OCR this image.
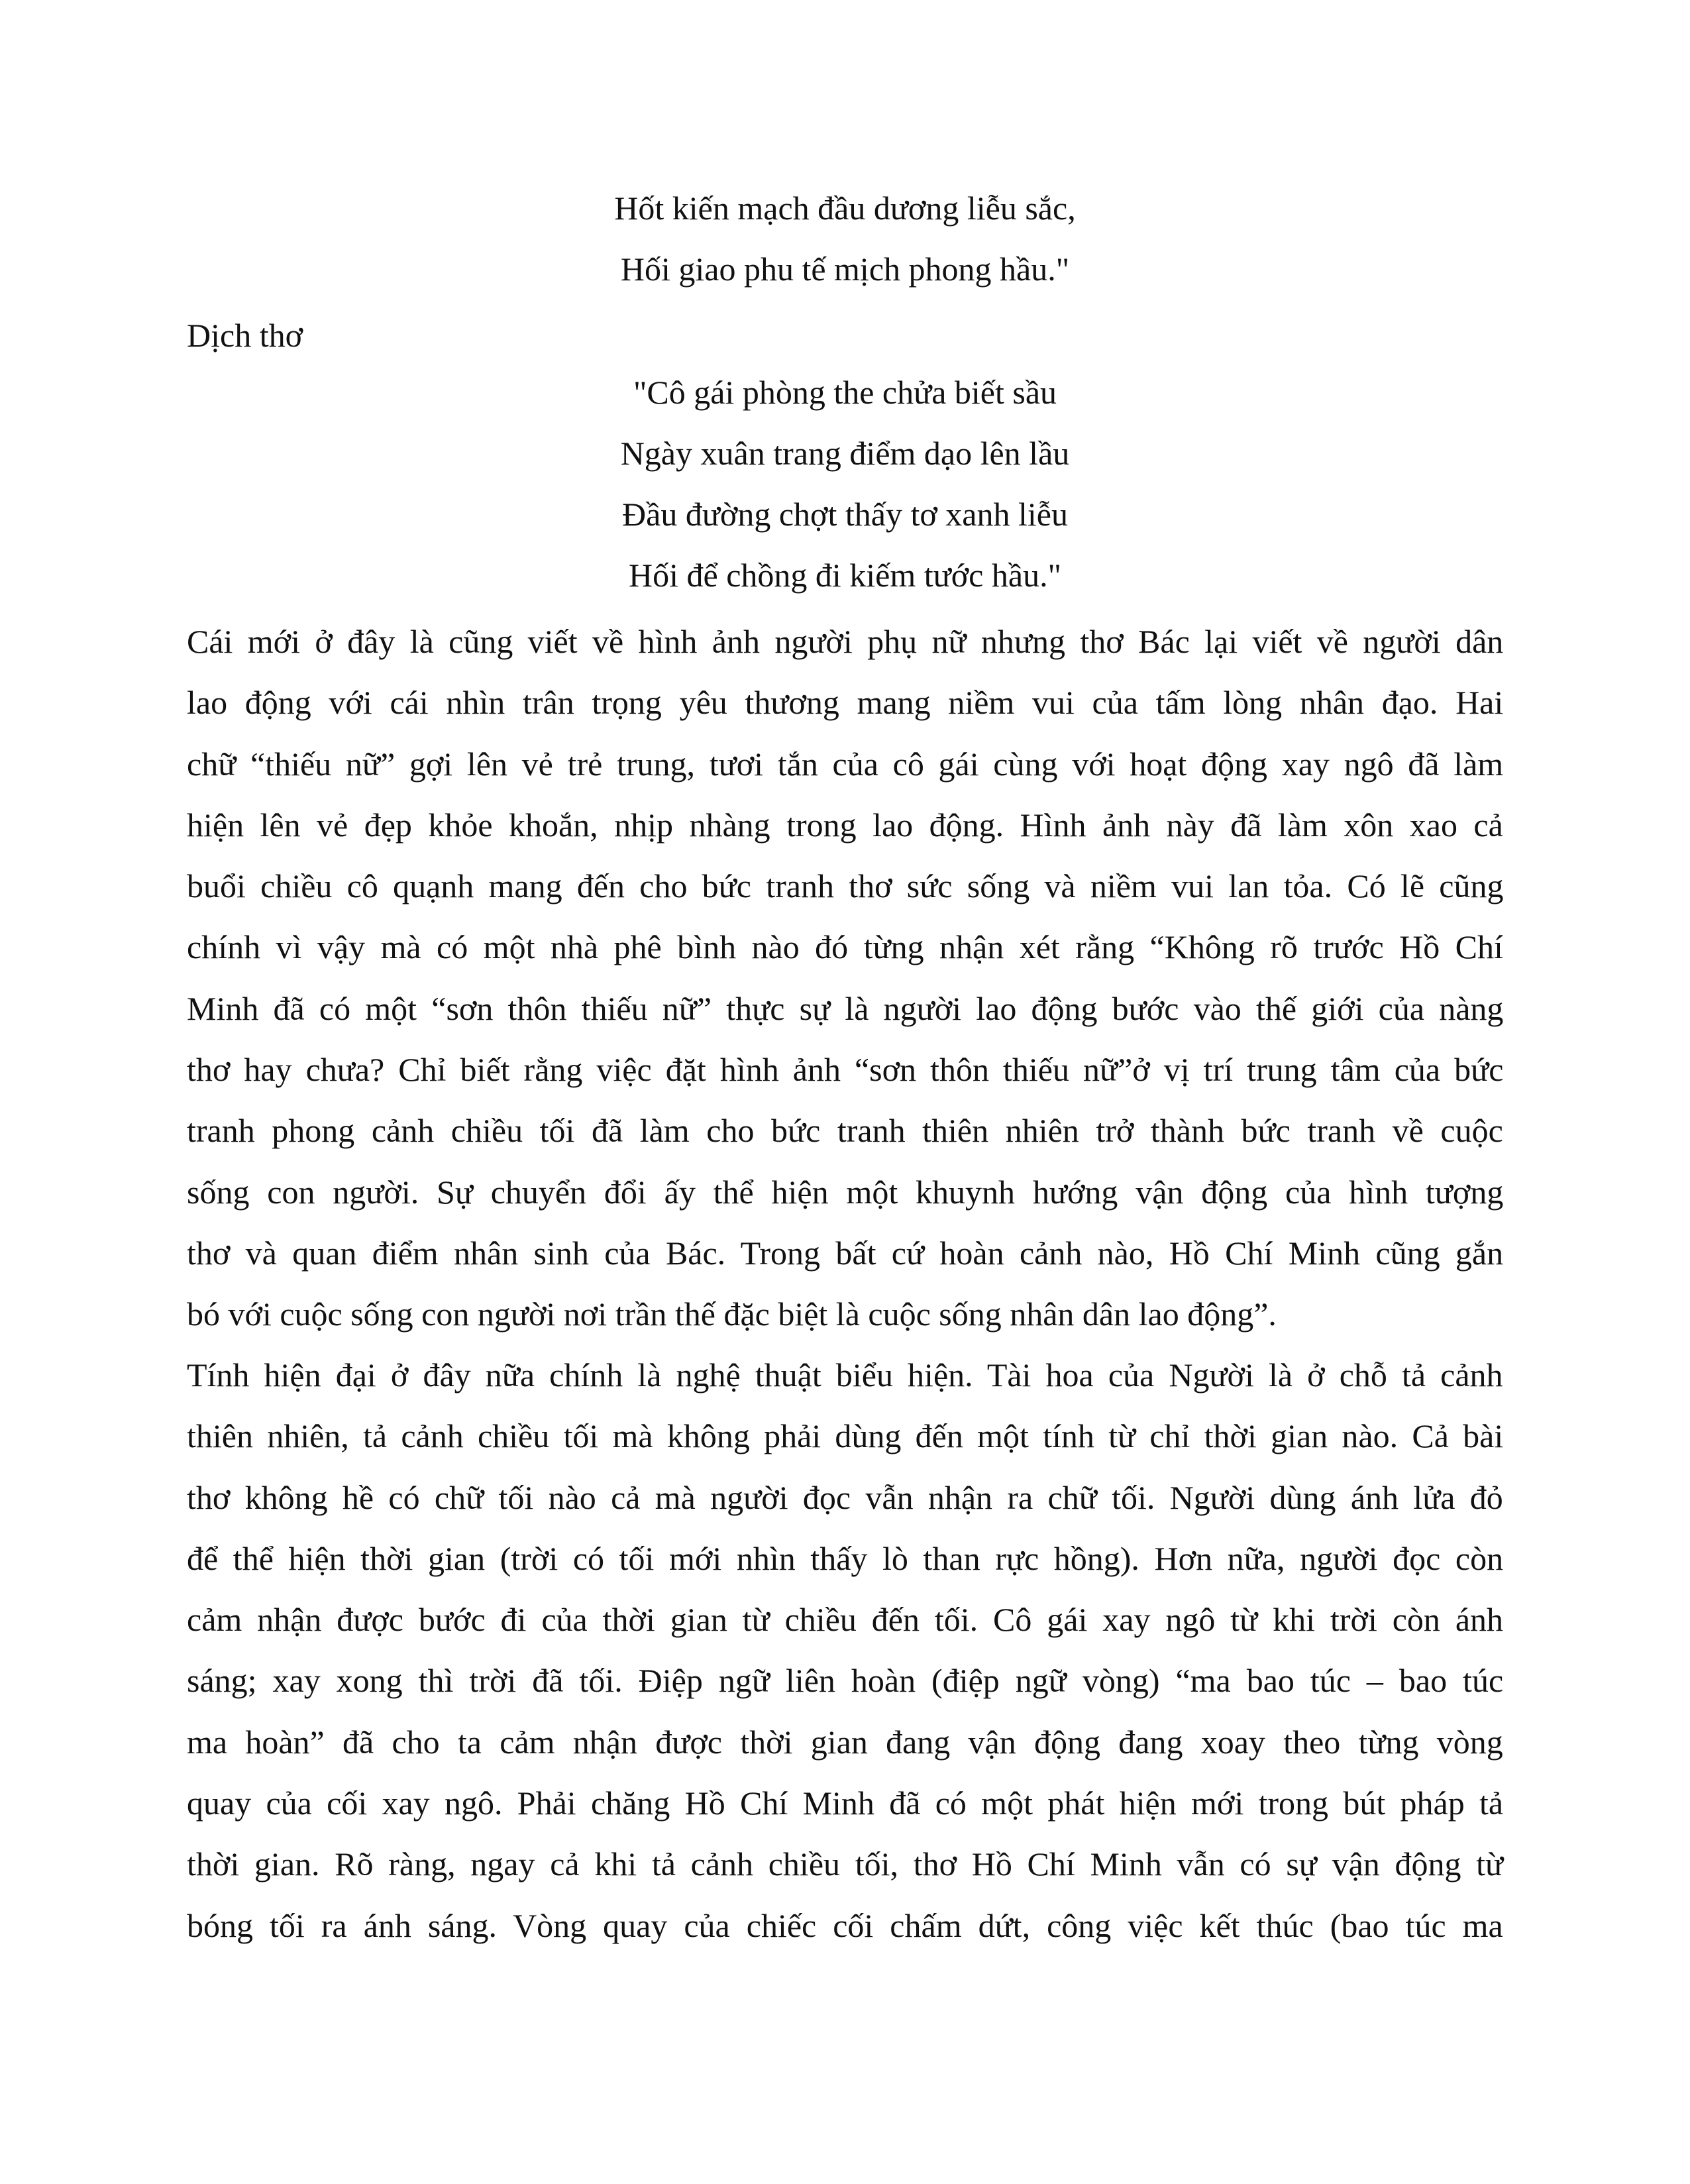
Hốt kiến mạch đầu dương liễu sắc,
Hối giao phu tế mịch phong hầu."
Dịch thơ
"Cô gái phòng the chửa biết sầu
Ngày xuân trang điểm dạo lên lầu
Đầu đường chợt thấy tơ xanh liễu
Hối để chồng đi kiếm tước hầu."
Cái mới ở đây là cũng viết về hình ảnh người phụ nữ nhưng thơ Bác lại viết về người dân
lao động với cái nhìn trân trọng yêu thương mang niềm vui của tấm lòng nhân đạo. Hai
chữ “thiếu nữ” gợi lên vẻ trẻ trung, tươi tắn của cô gái cùng với hoạt động xay ngô đã làm
hiện lên vẻ đẹp khỏe khoắn, nhịp nhàng trong lao động. Hình ảnh này đã làm xôn xao cả
buổi chiều cô quạnh mang đến cho bức tranh thơ sức sống và niềm vui lan tỏa. Có lẽ cũng
chính vì vậy mà có một nhà phê bình nào đó từng nhận xét rằng “Không rõ trước Hồ Chí
Minh đã có một “sơn thôn thiếu nữ” thực sự là người lao động bước vào thế giới của nàng
thơ hay chưa? Chỉ biết rằng việc đặt hình ảnh “sơn thôn thiếu nữ”ở vị trí trung tâm của bức
tranh phong cảnh chiều tối đã làm cho bức tranh thiên nhiên trở thành bức tranh về cuộc
sống con người. Sự chuyển đổi ấy thể hiện một khuynh hướng vận động của hình tượng
thơ và quan điểm nhân sinh của Bác. Trong bất cứ hoàn cảnh nào, Hồ Chí Minh cũng gắn
bó với cuộc sống con người nơi trần thế đặc biệt là cuộc sống nhân dân lao động”.
Tính hiện đại ở đây nữa chính là nghệ thuật biểu hiện. Tài hoa của Người là ở chỗ tả cảnh
thiên nhiên, tả cảnh chiều tối mà không phải dùng đến một tính từ chỉ thời gian nào. Cả bài
thơ không hề có chữ tối nào cả mà người đọc vẫn nhận ra chữ tối. Người dùng ánh lửa đỏ
để thể hiện thời gian (trời có tối mới nhìn thấy lò than rực hồng). Hơn nữa, người đọc còn
cảm nhận được bước đi của thời gian từ chiều đến tối. Cô gái xay ngô từ khi trời còn ánh
sáng; xay xong thì trời đã tối. Điệp ngữ liên hoàn (điệp ngữ vòng) “ma bao túc – bao túc
ma hoàn” đã cho ta cảm nhận được thời gian đang vận động đang xoay theo từng vòng
quay của cối xay ngô. Phải chăng Hồ Chí Minh đã có một phát hiện mới trong bút pháp tả
thời gian. Rõ ràng, ngay cả khi tả cảnh chiều tối, thơ Hồ Chí Minh vẫn có sự vận động từ
bóng tối ra ánh sáng. Vòng quay của chiếc cối chấm dứt, công việc kết thúc (bao túc ma
